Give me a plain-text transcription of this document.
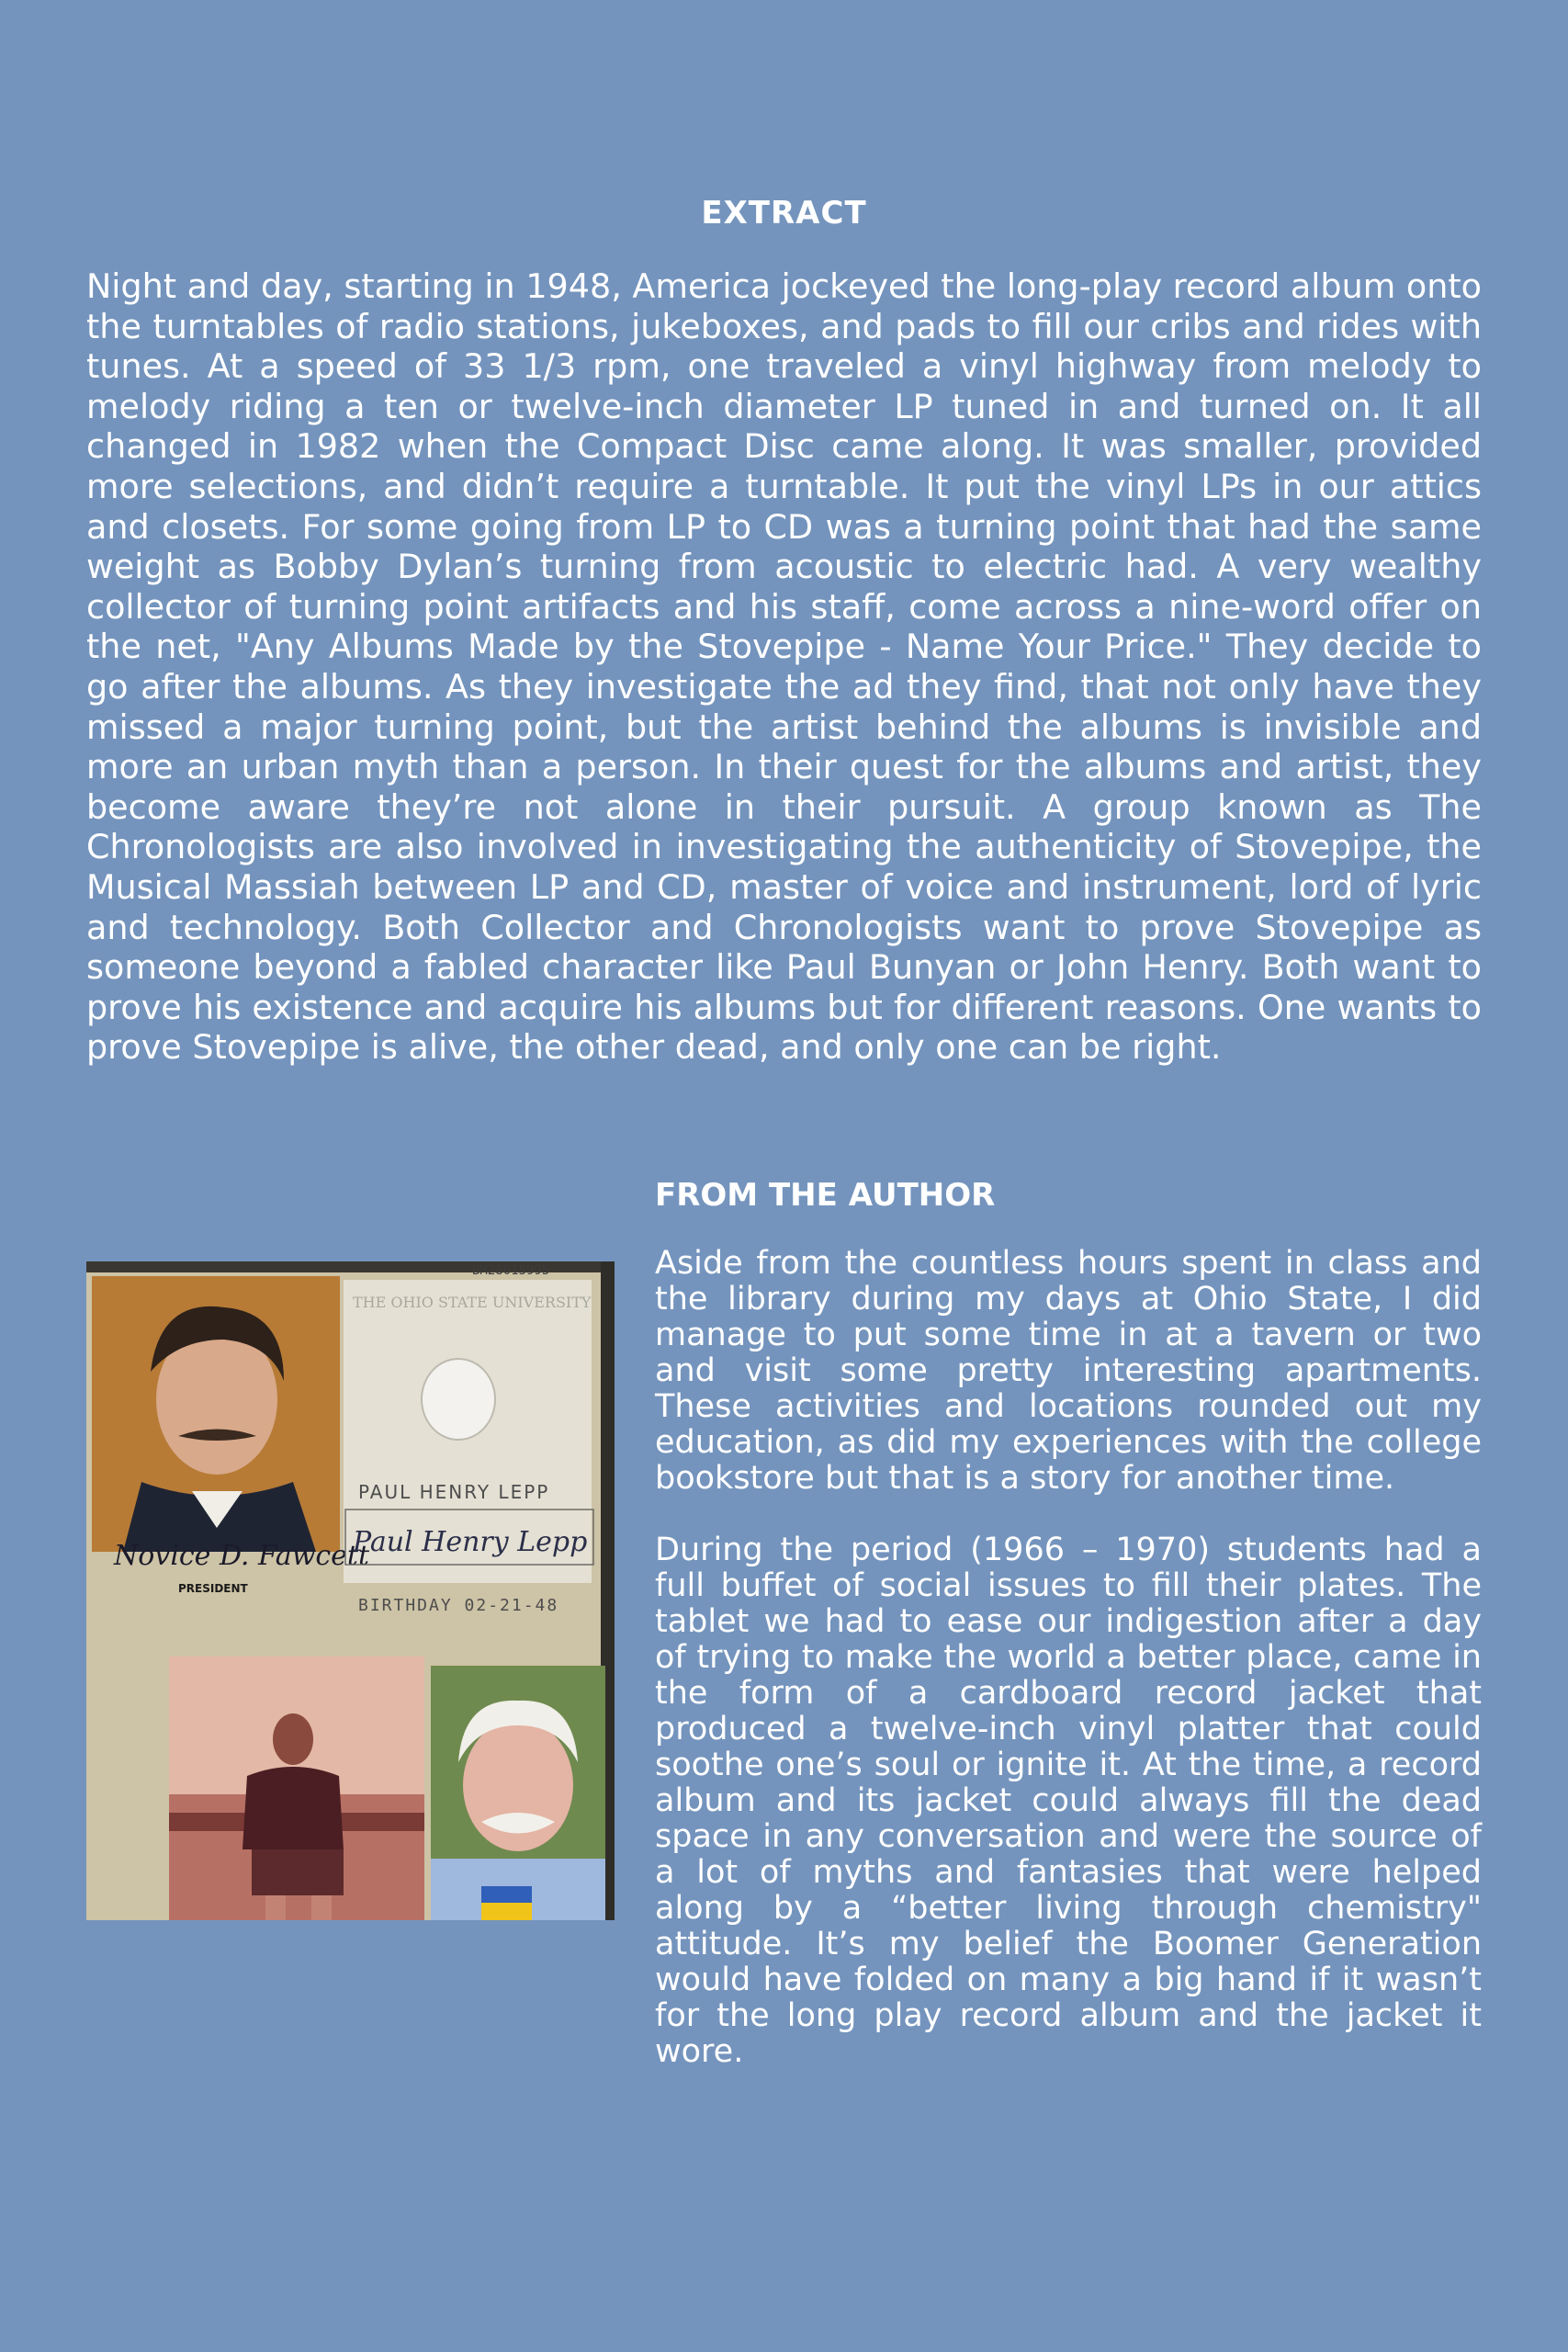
EXTRACT

Night and day, starting in 1948, America jockeyed the long-play record album onto the turntables of radio stations, jukeboxes, and pads to fill our cribs and rides with tunes. At a speed of 33 1/3 rpm, one traveled a vinyl highway from melody to melody riding a ten or twelve-inch diameter LP tuned in and turned on. It all changed in 1982 when the Compact Disc came along. It was smaller, provided more selections, and didn’t require a turntable. It put the vinyl LPs in our attics and closets. For some going from LP to CD was a turning point that had the same weight as Bobby Dylan’s turning from acoustic to electric had. A very wealthy collector of turning point artifacts and his staff, come across a nine-word offer on the net, "Any Albums Made by the Stovepipe - Name Your Price." They decide to go after the albums. As they investigate the ad they find, that not only have they missed a major turning point, but the artist behind the albums is invisible and more an urban myth than a person. In their quest for the albums and artist, they become aware they’re not alone in their pursuit. A group known as The Chronologists are also involved in investigating the authenticity of Stovepipe, the Musical Massiah between LP and CD, master of voice and instrument, lord of lyric and technology. Both Collector and Chronologists want to prove Stovepipe as someone beyond a fabled character like Paul Bunyan or John Henry. Both want to prove his existence and acquire his albums but for different reasons. One wants to prove Stovepipe is alive, the other dead, and only one can be right.

FROM THE AUTHOR
BM28015995
THE OHIO STATE UNIVERSITY
Novice D. Fawcett
PRESIDENT
PAUL HENRY LEPP
Paul Henry Lepp
BIRTHDAY 02-21-48

Aside from the countless hours spent in class and the library during my days at Ohio State, I did manage to put some time in at a tavern or two and visit some pretty interesting apartments. These activities and locations rounded out my education, as did my experiences with the college bookstore but that is a story for another time.

During the period (1966 – 1970) students had a full buffet of social issues to fill their plates. The tablet we had to ease our indigestion after a day of trying to make the world a better place, came in the form of a cardboard record jacket that produced a twelve-inch vinyl platter that could soothe one’s soul or ignite it. At the time, a record album and its jacket could always fill the dead space in any conversation and were the source of a lot of myths and fantasies that were helped along by a “better living through chemistry" attitude. It’s my belief the Boomer Generation would have folded on many a big hand if it wasn’t for the long play record album and the jacket it wore.
